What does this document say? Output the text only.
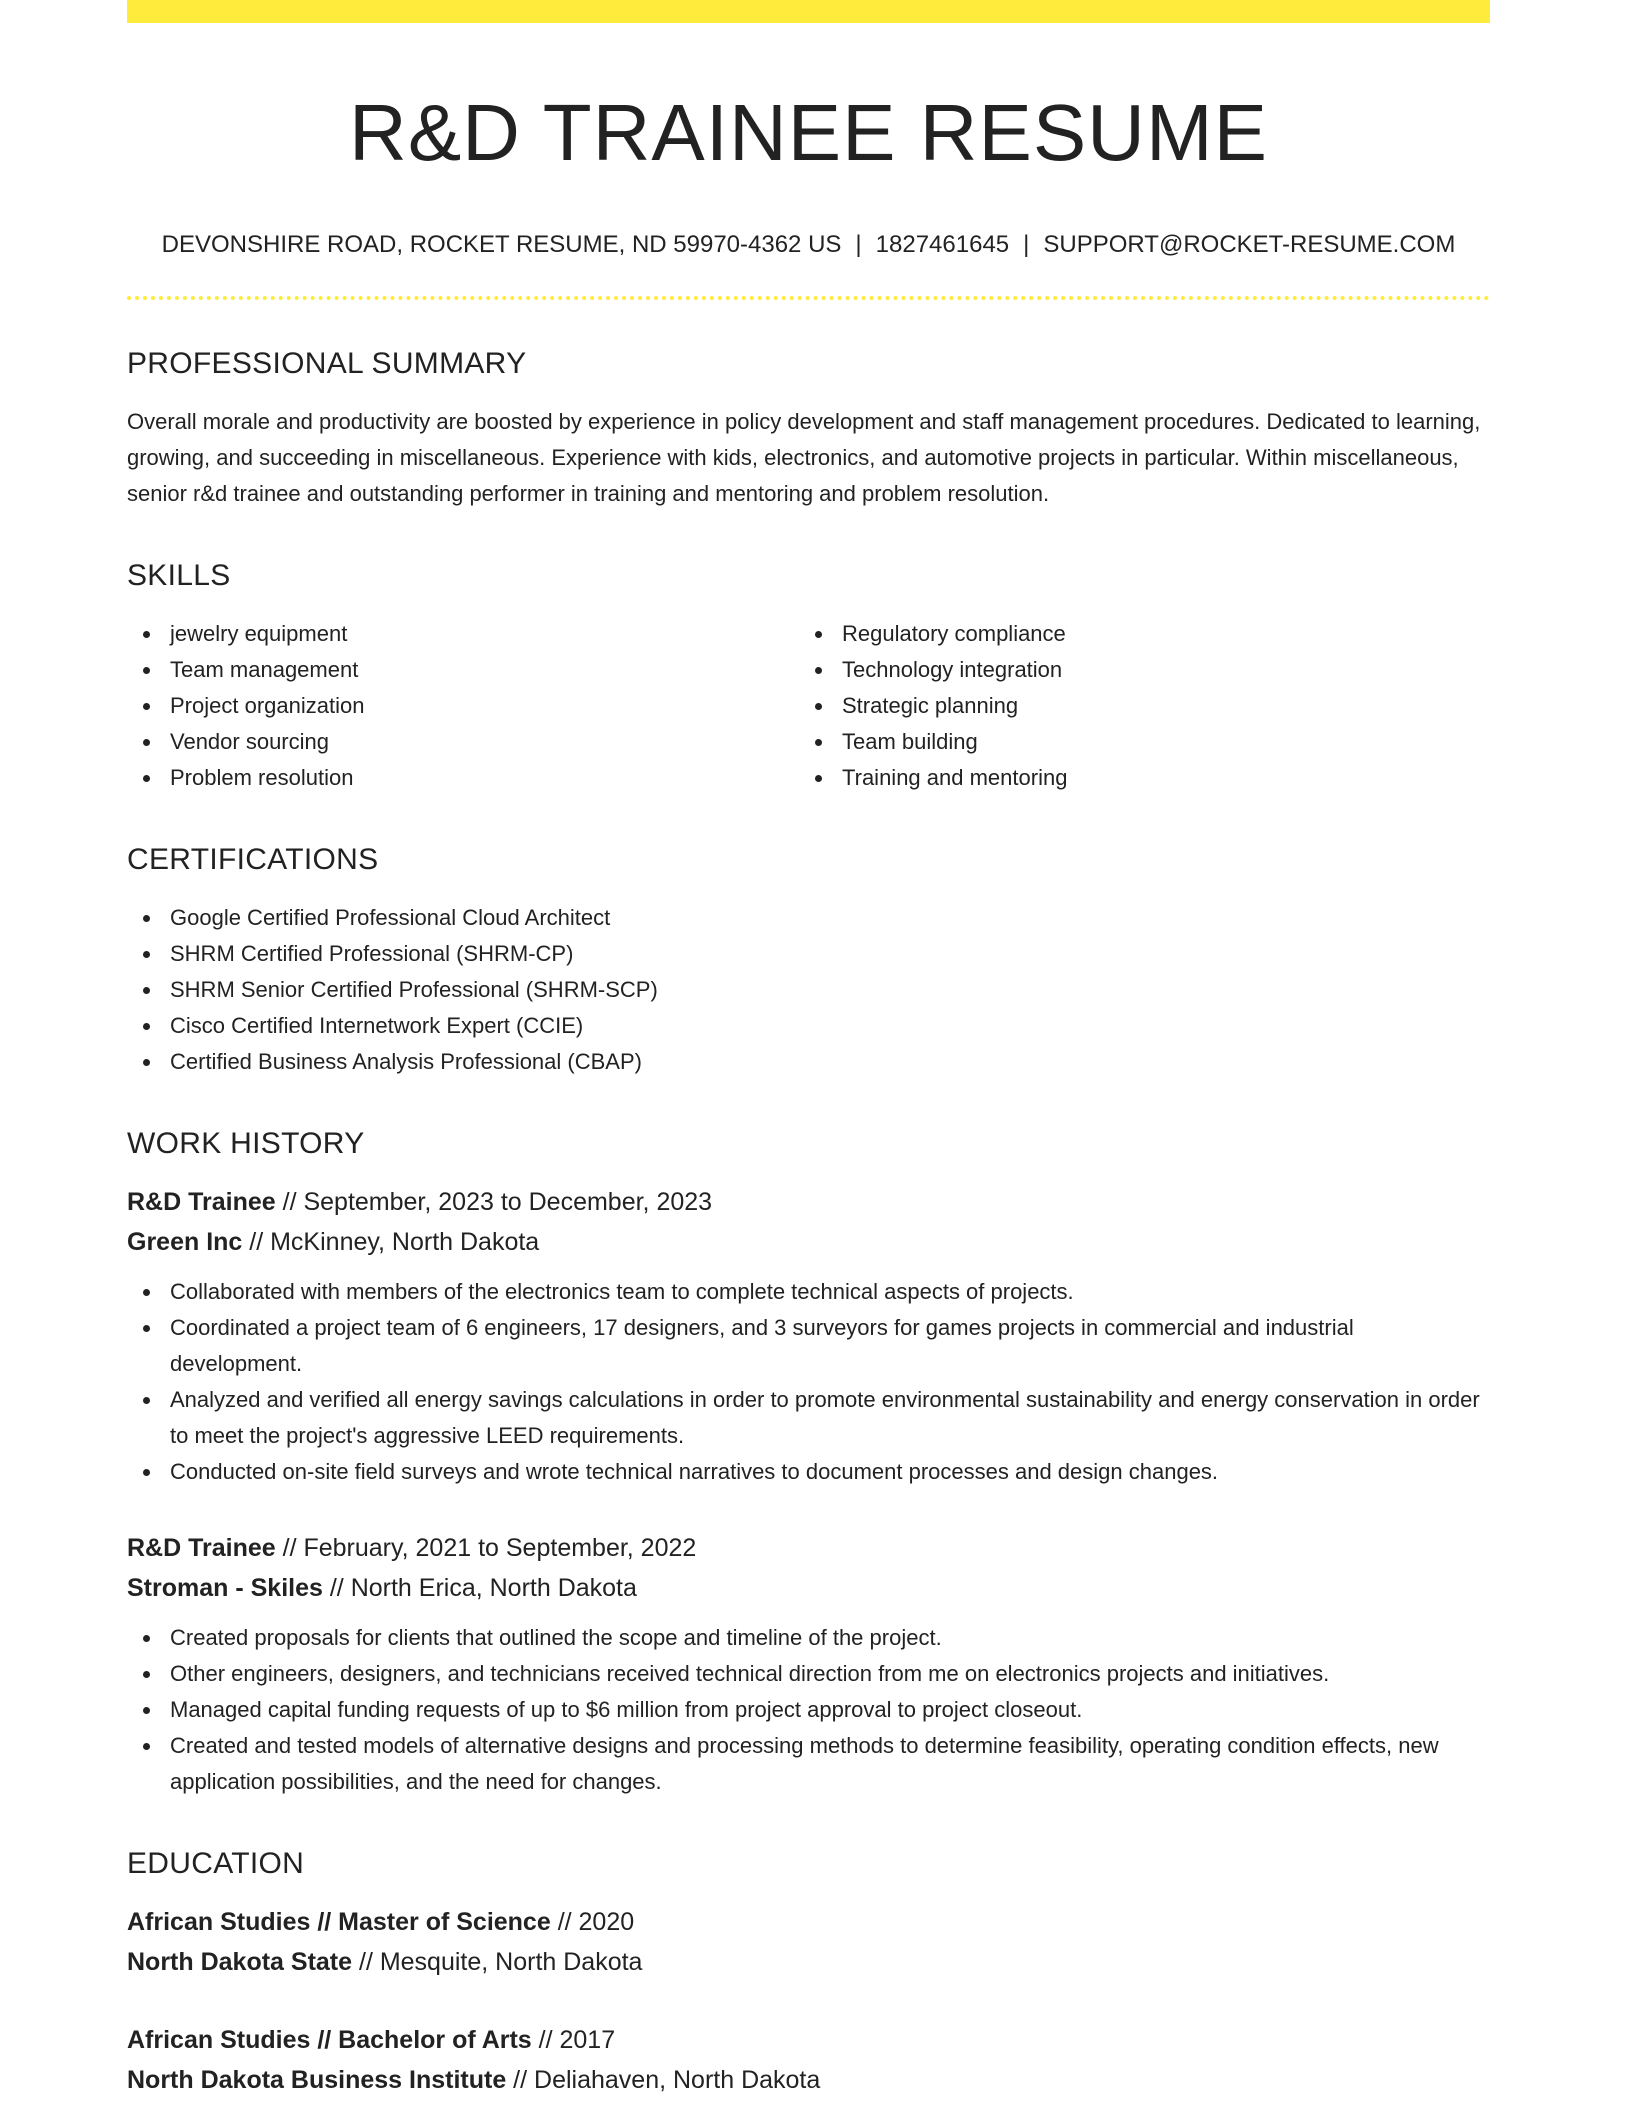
R&D TRAINEE RESUME
DEVONSHIRE ROAD, ROCKET RESUME, ND 59970-4362 US | 1827461645 | SUPPORT@ROCKET-RESUME.COM
PROFESSIONAL SUMMARY

Overall morale and productivity are boosted by experience in policy development and staff management procedures. Dedicated to learning, growing, and succeeding in miscellaneous. Experience with kids, electronics, and automotive projects in particular. Within miscellaneous, senior r&d trainee and outstanding performer in training and mentoring and problem resolution.

SKILLS
jewelry equipment
Team management
Project organization
Vendor sourcing
Problem resolution
Regulatory compliance
Technology integration
Strategic planning
Team building
Training and mentoring
CERTIFICATIONS
Google Certified Professional Cloud Architect
SHRM Certified Professional (SHRM-CP)
SHRM Senior Certified Professional (SHRM-SCP)
Cisco Certified Internetwork Expert (CCIE)
Certified Business Analysis Professional (CBAP)
WORK HISTORY
R&D Trainee // September, 2023 to December, 2023
Green Inc // McKinney, North Dakota
Collaborated with members of the electronics team to complete technical aspects of projects.
Coordinated a project team of 6 engineers, 17 designers, and 3 surveyors for games projects in commercial and industrial development.
Analyzed and verified all energy savings calculations in order to promote environmental sustainability and energy conservation in order to meet the project's aggressive LEED requirements.
Conducted on-site field surveys and wrote technical narratives to document processes and design changes.
R&D Trainee // February, 2021 to September, 2022
Stroman - Skiles // North Erica, North Dakota
Created proposals for clients that outlined the scope and timeline of the project.
Other engineers, designers, and technicians received technical direction from me on electronics projects and initiatives.
Managed capital funding requests of up to $6 million from project approval to project closeout.
Created and tested models of alternative designs and processing methods to determine feasibility, operating condition effects, new application possibilities, and the need for changes.
EDUCATION
African Studies // Master of Science // 2020
North Dakota State // Mesquite, North Dakota
African Studies // Bachelor of Arts // 2017
North Dakota Business Institute // Deliahaven, North Dakota
